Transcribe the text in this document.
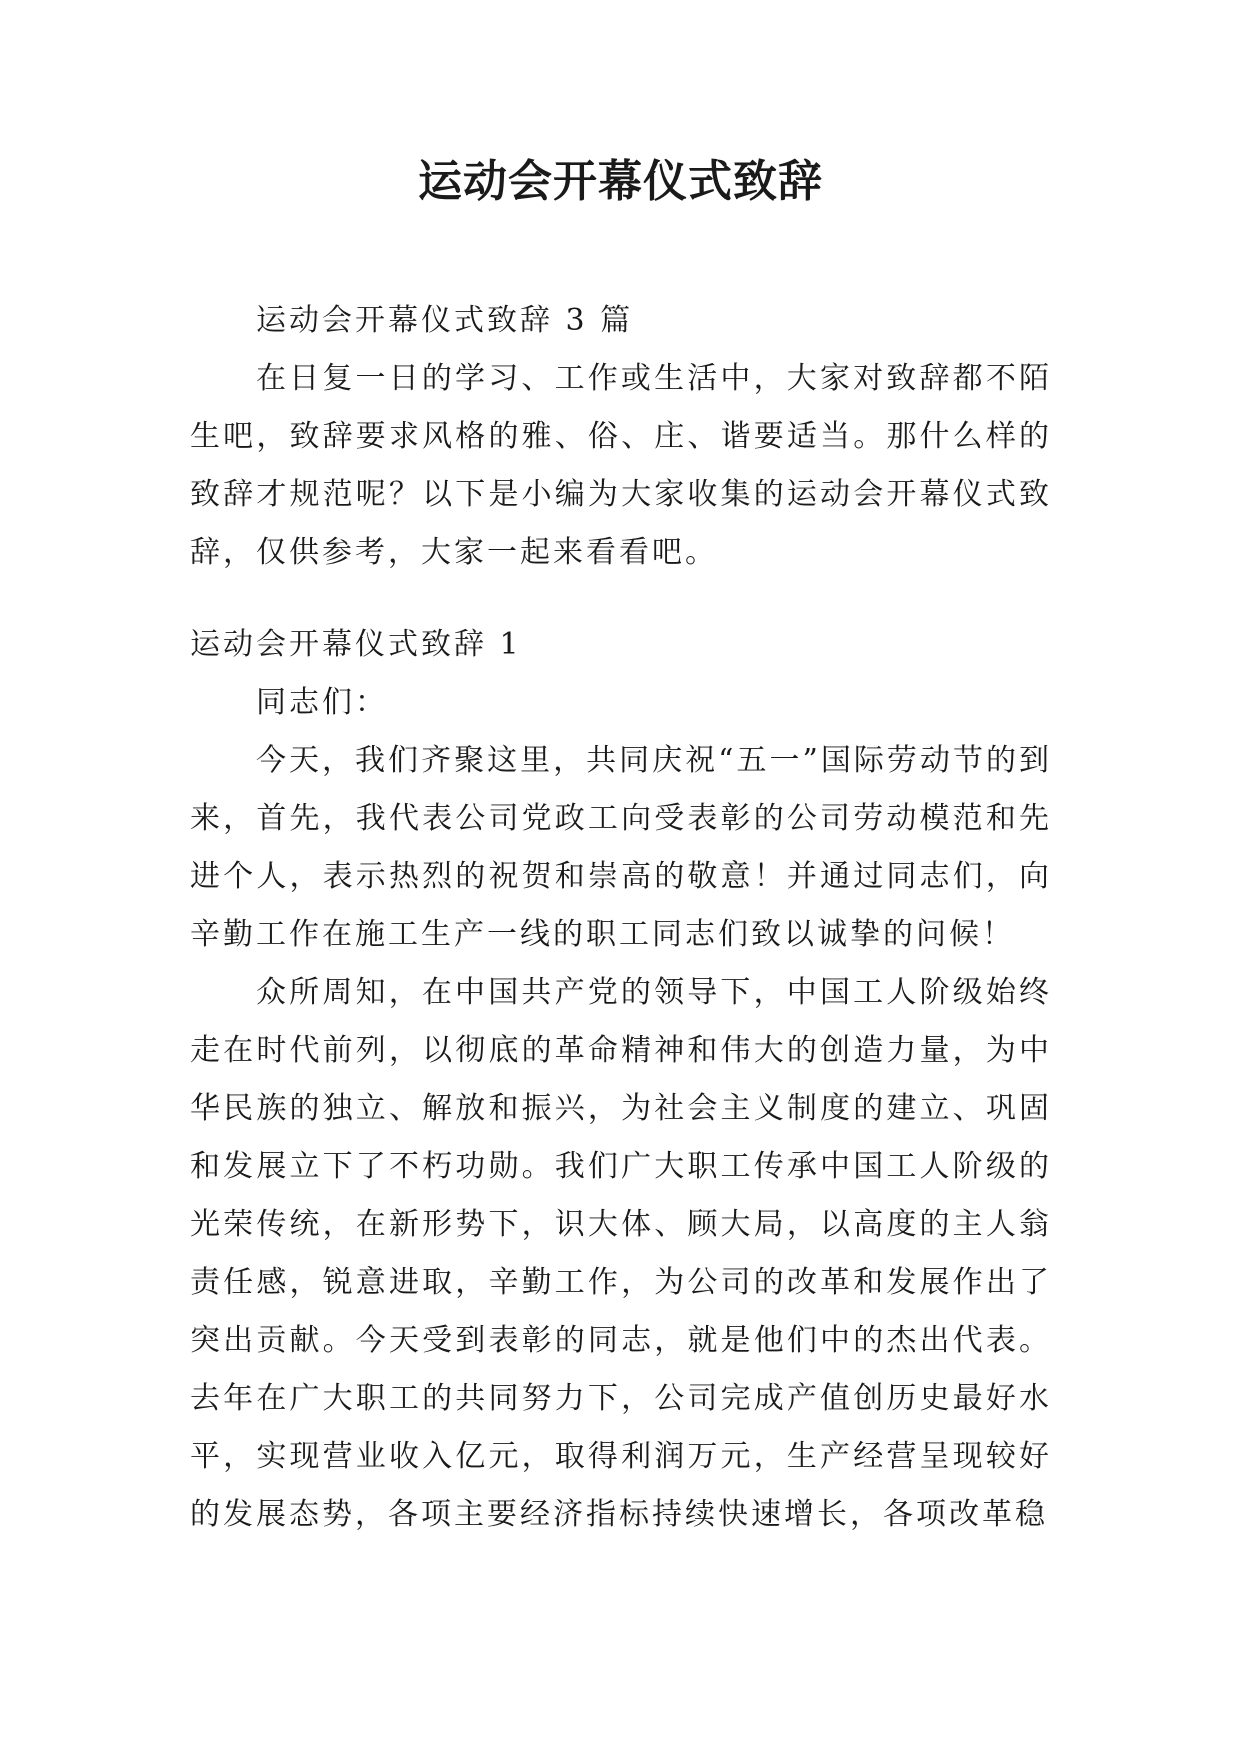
运动会开幕仪式致辞

运动会开幕仪式致辞 3 篇

在日复一日的学习、工作或生活中，大家对致辞都不陌生吧，致辞要求风格的雅、俗、庄、谐要适当。那什么样的致辞才规范呢？以下是小编为大家收集的运动会开幕仪式致辞，仅供参考，大家一起来看看吧。

运动会开幕仪式致辞 1

同志们：

今天，我们齐聚这里，共同庆祝“五一”国际劳动节的到来，首先，我代表公司党政工向受表彰的公司劳动模范和先进个人，表示热烈的祝贺和崇高的敬意！并通过同志们，向辛勤工作在施工生产一线的职工同志们致以诚挚的问候！

众所周知，在中国共产党的领导下，中国工人阶级始终走在时代前列，以彻底的革命精神和伟大的创造力量，为中华民族的独立、解放和振兴，为社会主义制度的建立、巩固和发展立下了不朽功勋。我们广大职工传承中国工人阶级的光荣传统，在新形势下，识大体、顾大局，以高度的主人翁责任感，锐意进取，辛勤工作，为公司的改革和发展作出了突出贡献。今天受到表彰的同志，就是他们中的杰出代表。去年在广大职工的共同努力下，公司完成产值创历史最好水平，实现营业收入亿元，取得利润万元，生产经营呈现较好的发展态势，各项主要经济指标持续快速增长，各项改革稳
